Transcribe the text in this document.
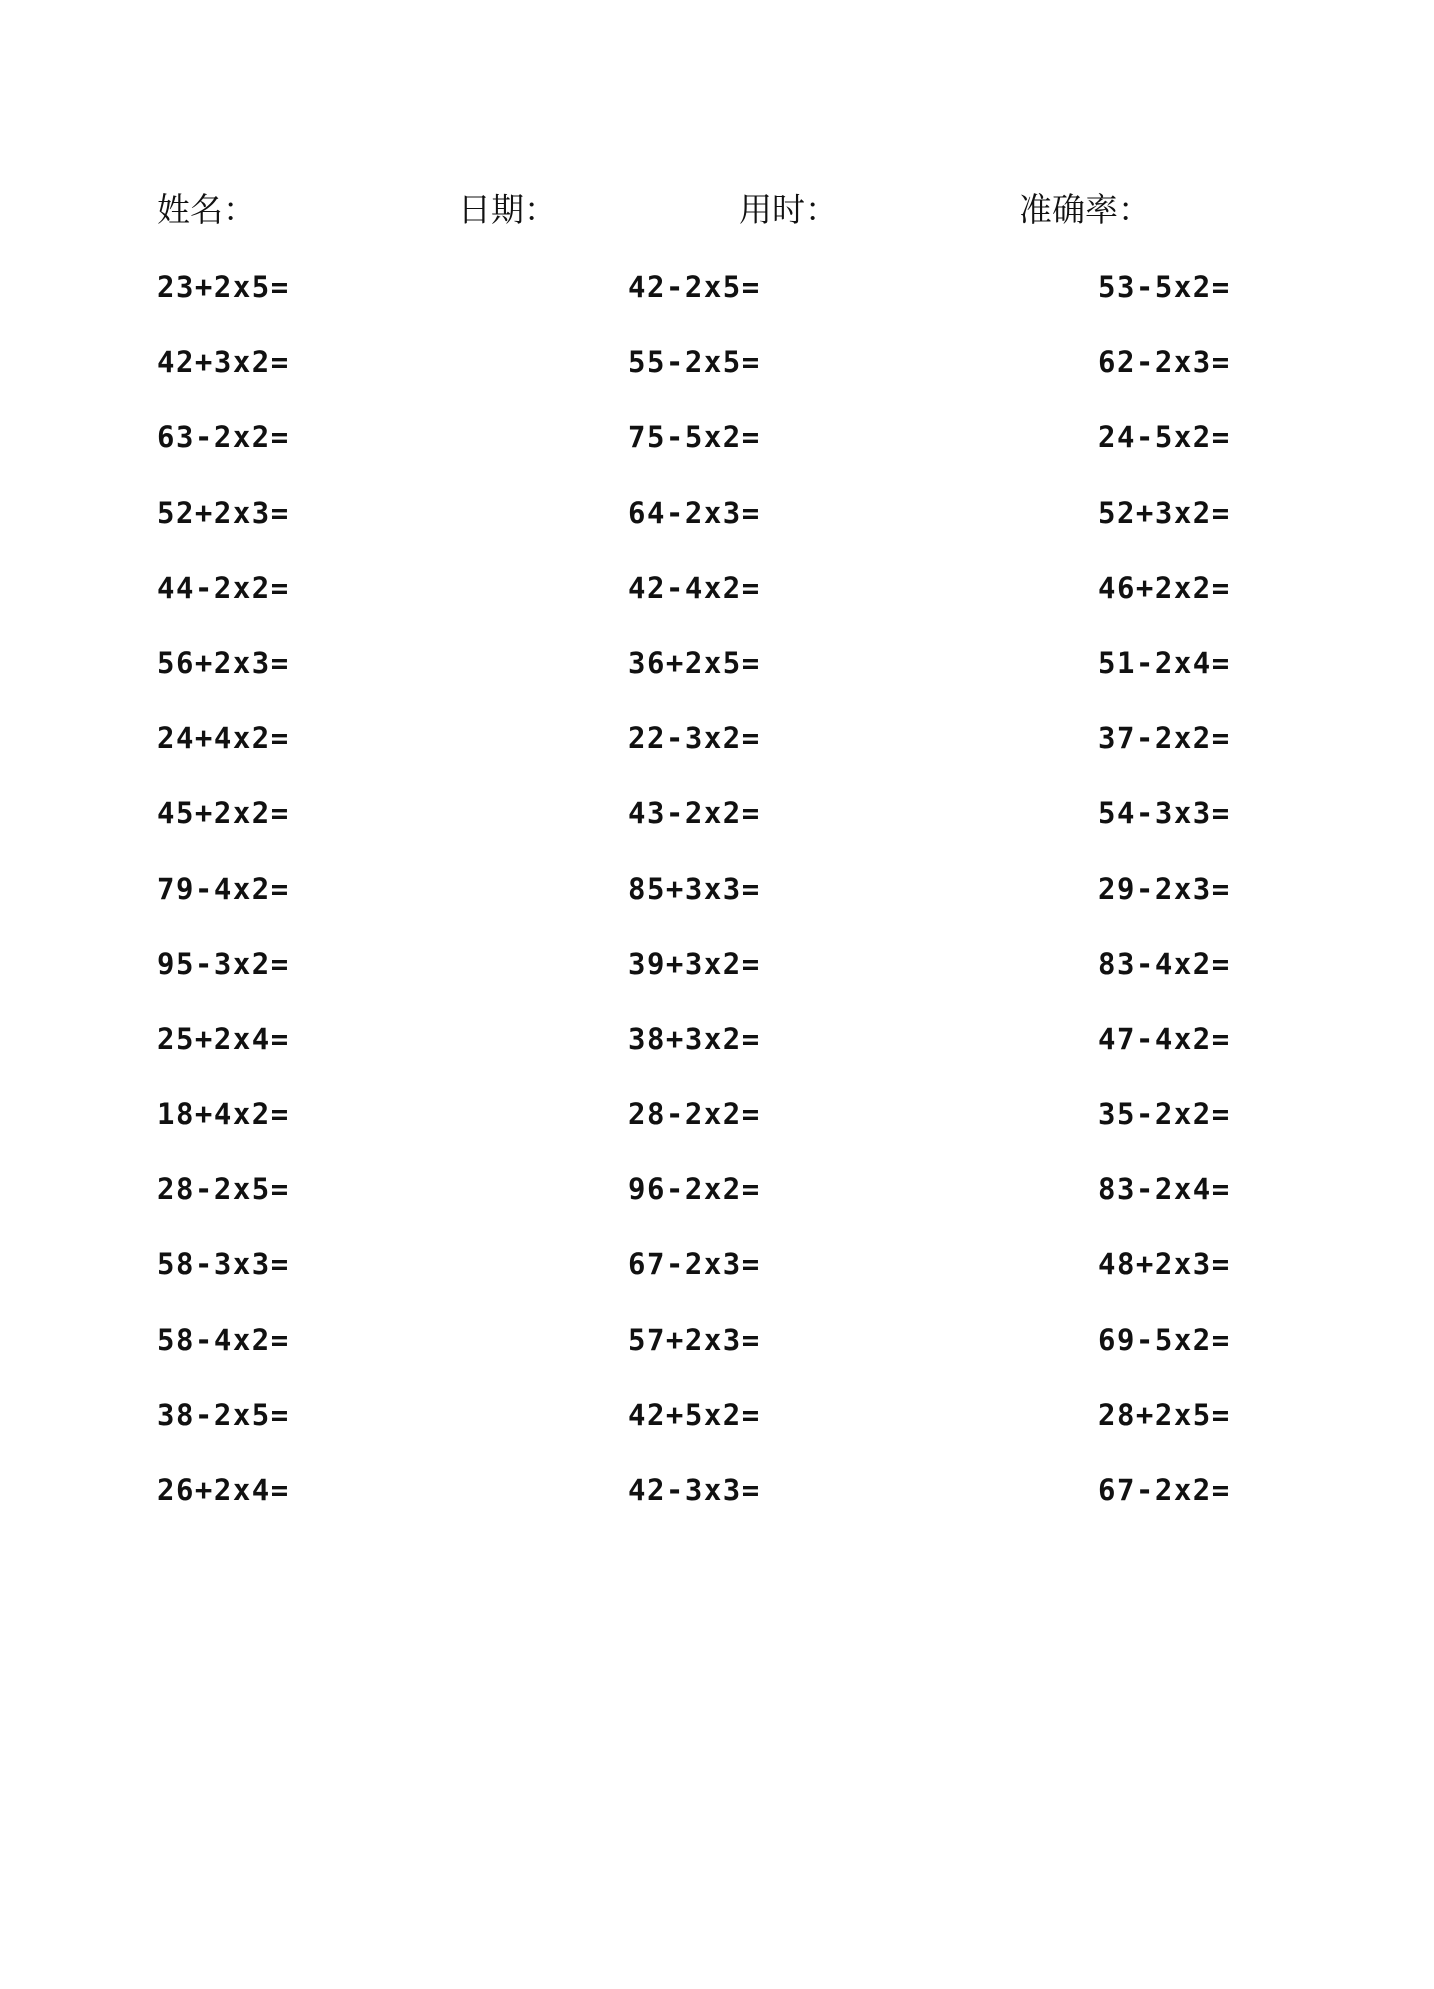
姓名：	日期：	用时：	准确率：
23+2x5=	42-2x5=	53-5x2=
42+3x2=	55-2x5=	62-2x3=
63-2x2=	75-5x2=	24-5x2=
52+2x3=	64-2x3=	52+3x2=
44-2x2=	42-4x2=	46+2x2=
56+2x3=	36+2x5=	51-2x4=
24+4x2=	22-3x2=	37-2x2=
45+2x2=	43-2x2=	54-3x3=
79-4x2=	85+3x3=	29-2x3=
95-3x2=	39+3x2=	83-4x2=
25+2x4=	38+3x2=	47-4x2=
18+4x2=	28-2x2=	35-2x2=
28-2x5=	96-2x2=	83-2x4=
58-3x3=	67-2x3=	48+2x3=
58-4x2=	57+2x3=	69-5x2=
38-2x5=	42+5x2=	28+2x5=
26+2x4=	42-3x3=	67-2x2=
